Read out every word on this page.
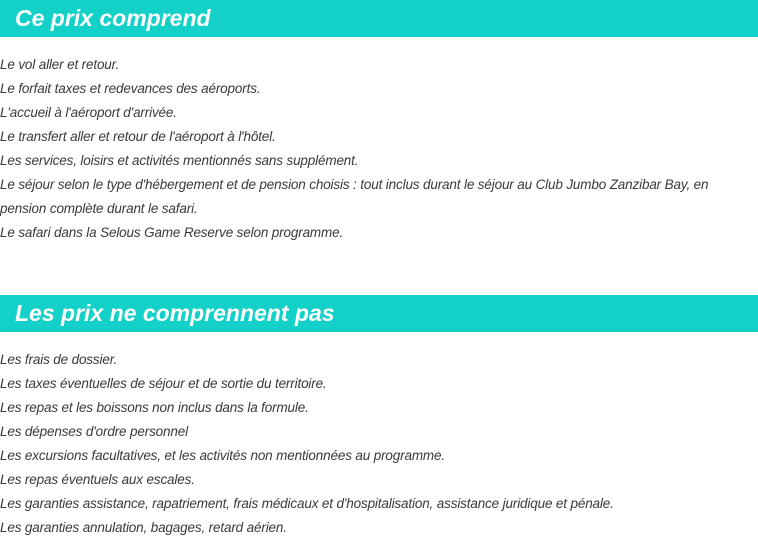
Ce prix comprend
Le vol aller et retour.
Le forfait taxes et redevances des aéroports.
L'accueil à l'aéroport d'arrivée.
Le transfert aller et retour de l'aéroport à l'hôtel.
Les services, loisirs et activités mentionnés sans supplément.
Le séjour selon le type d'hébergement et de pension choisis : tout inclus durant le séjour au Club Jumbo Zanzibar Bay, en pension complète durant le safari.
Le safari dans la Selous Game Reserve selon programme.
Les prix ne comprennent pas
Les frais de dossier.
Les taxes éventuelles de séjour et de sortie du territoire.
Les repas et les boissons non inclus dans la formule.
Les dépenses d'ordre personnel
Les excursions facultatives, et les activités non mentionnées au programme.
Les repas éventuels aux escales.
Les garanties assistance, rapatriement, frais médicaux et d'hospitalisation, assistance juridique et pénale.
Les garanties annulation, bagages, retard aérien.
